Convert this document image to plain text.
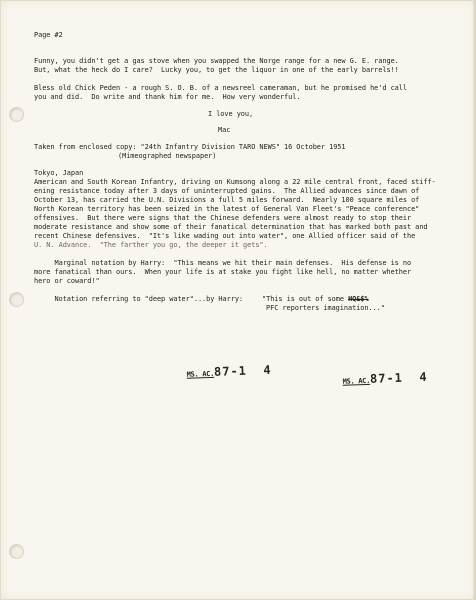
Page #2
Funny, you didn't get a gas stove when you swapped the Norge range for a new G. E. range.
But, what the heck do I care?  Lucky you, to get the liquor in one of the early barrels!!
Bless old Chick Peden - a rough S. O. B. of a newsreel cameraman, but he promised he'd call
you and did.  Do write and thank him for me.  How very wonderful.
I love you,
Mac
Taken from enclosed copy: "24th Infantry Division TARO NEWS" 16 October 1951
(Mimeographed newspaper)
Tokyo, Japan
American and South Korean Infantry, driving on Kumsong along a 22 mile central front, faced stiff-
ening resistance today after 3 days of uninterrupted gains.  The Allied advances since dawn of
October 13, has carried the U.N. Divisions a full 5 miles forward.  Nearly 100 square miles of
North Korean territory has been seized in the latest of General Van Fleet's "Peace conference"
offensives.  But there were signs that the Chinese defenders were almost ready to stop their
moderate resistance and show some of their fanatical determination that has marked both past and
recent Chinese defensives.  "It's like wading out into water", one Allied officer said of the
U. N. Advance.  "The farther you go, the deeper it gets".
Marginal notation by Harry:  "This means we hit their main defenses.  His defense is no
more fanatical than ours.  When your life is at stake you fight like hell, no matter whether
hero or coward!"
Notation referring to "deep water"...by Harry:	"This is out of some HQ&$%
PFC reporters imagination..."

MS. AC.87-1  4

MS. AC.87-1  4
